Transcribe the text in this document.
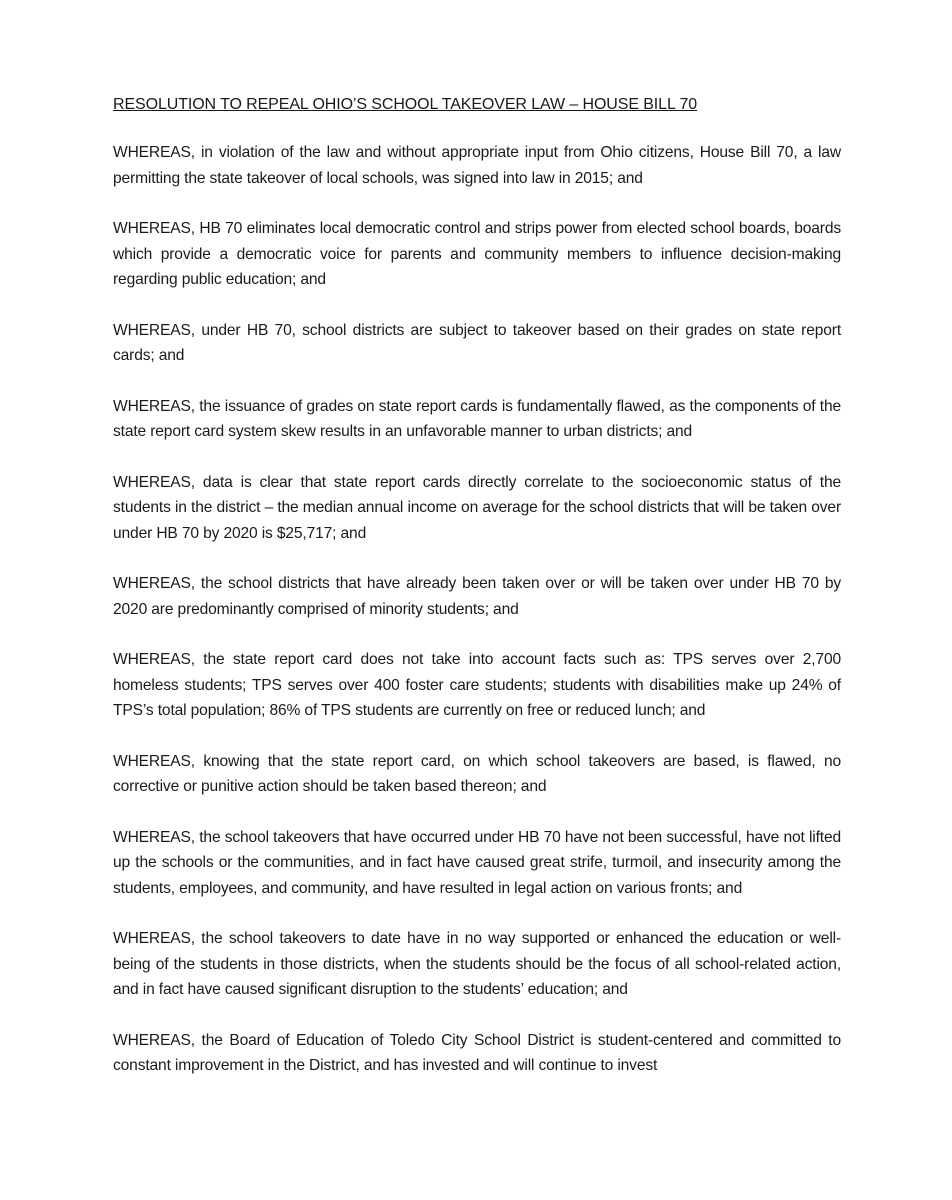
RESOLUTION TO REPEAL OHIO’S SCHOOL TAKEOVER LAW – HOUSE BILL 70

WHEREAS, in violation of the law and without appropriate input from Ohio citizens, House Bill 70, a law permitting the state takeover of local schools, was signed into law in 2015; and

WHEREAS, HB 70 eliminates local democratic control and strips power from elected school boards, boards which provide a democratic voice for parents and community members to influence decision-making regarding public education; and

WHEREAS, under HB 70, school districts are subject to takeover based on their grades on state report cards; and

WHEREAS, the issuance of grades on state report cards is fundamentally flawed, as the components of the state report card system skew results in an unfavorable manner to urban districts; and

WHEREAS, data is clear that state report cards directly correlate to the socioeconomic status of the students in the district – the median annual income on average for the school districts that will be taken over under HB 70 by 2020 is $25,717; and

WHEREAS, the school districts that have already been taken over or will be taken over under HB 70 by 2020 are predominantly comprised of minority students; and

WHEREAS, the state report card does not take into account facts such as: TPS serves over 2,700 homeless students; TPS serves over 400 foster care students; students with disabilities make up 24% of TPS’s total population; 86% of TPS students are currently on free or reduced lunch; and

WHEREAS, knowing that the state report card, on which school takeovers are based, is flawed, no corrective or punitive action should be taken based thereon; and

WHEREAS, the school takeovers that have occurred under HB 70 have not been successful, have not lifted up the schools or the communities, and in fact have caused great strife, turmoil, and insecurity among the students, employees, and community, and have resulted in legal action on various fronts; and

WHEREAS, the school takeovers to date have in no way supported or enhanced the education or well-being of the students in those districts, when the students should be the focus of all school-related action, and in fact have caused significant disruption to the students’ education; and

WHEREAS, the Board of Education of Toledo City School District is student-centered and committed to constant improvement in the District, and has invested and will continue to invest
